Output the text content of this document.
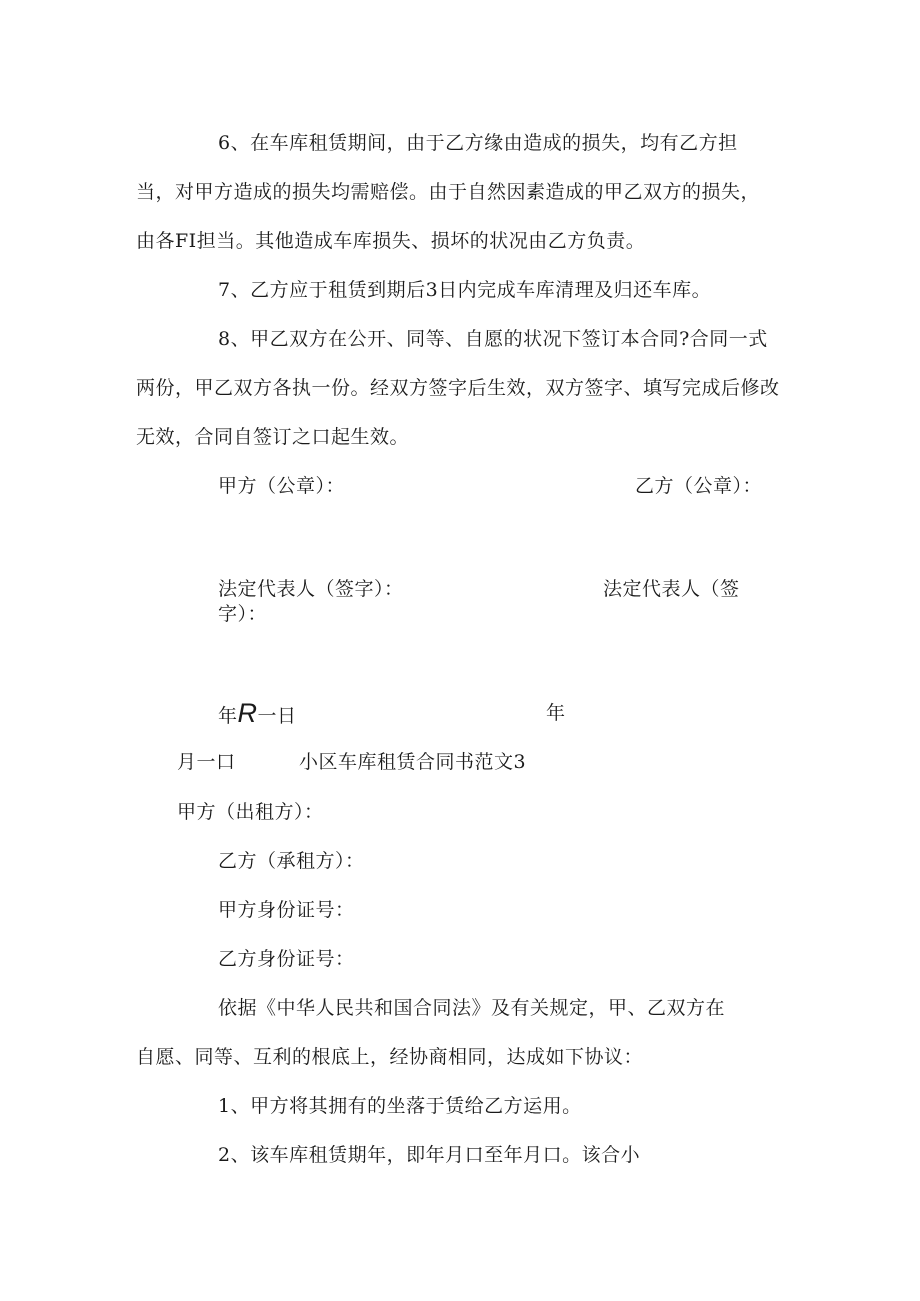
6、在车库租赁期间，由于乙方缘由造成的损失，均有乙方担
当，对甲方造成的损失均需赔偿。由于自然因素造成的甲乙双方的损失，
由各FI担当。其他造成车库损失、损坏的状况由乙方负责。
7、乙方应于租赁到期后3日内完成车库清理及归还车库。
8、甲乙双方在公开、同等、自愿的状况下签订本合同?合同一式
两份，甲乙双方各执一份。经双方签字后生效，双方签字、填写完成后修改
无效，合同自签订之口起生效。
甲方（公章）：	乙方（公章）：
法定代表人（签字）：	法定代表人（签
字）：
年R一日	年
月一口	小区车库租赁合同书范文3
甲方（出租方）：
乙方（承租方）：
甲方身份证号：
乙方身份证号：
依据《中华人民共和国合同法》及有关规定，甲、乙双方在
自愿、同等、互利的根底上，经协商相同，达成如下协议：
1、甲方将其拥有的坐落于赁给乙方运用。
2、该车库租赁期年，即年月口至年月口。该合小
